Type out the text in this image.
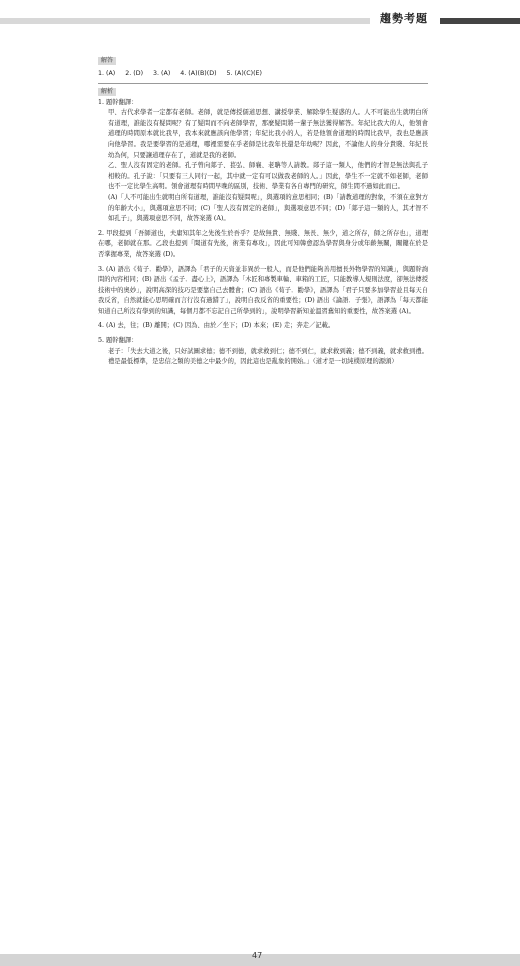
趨勢考題
解答
1. (A) 2. (D) 3. (A) 4. (A)(B)(D) 5. (A)(C)(E)
解析

1. 題幹翻譯：

甲、古代求學者一定都有老師。老師，就是傳授儒道思想、講授學業、解除學生疑惑的人。人不可能出生就明白所有道理，誰能沒有疑問呢？有了疑問而不向老師學習，那麼疑問將一輩子無法獲得解答。年紀比我大的人，他領會道理的時間原本就比我早，我本來就應該向他學習；年紀比我小的人，若是他領會道理的時間比我早，我也是應該向他學習。我是要學習的是道理，哪裡需要在乎老師是比我年長還是年幼呢？因此，不論他人的身分貴賤、年紀長幼為何，只要讓道理存在了，道就是我的老師。

乙、聖人沒有固定的老師。孔子曾向郯子、萇弘、師襄、老聃等人請教。郯子這一類人，他們的才智是無法與孔子相較的。孔子說：「只要有三人同行一起，其中就一定有可以做我老師的人。」因此，學生不一定就不如老師，老師也不一定比學生高明。領會道理有時間早晚的區別，技術、學業有各自專門的研究，師生間不過如此而已。

(A)「人不可能出生就明白所有道理，誰能沒有疑問呢」，與選項的意思相同；(B)「請教道理的對象，不須在意對方的年齡大小」，與選項意思不同；(C)「聖人沒有固定的老師」，與選項意思不同；(D)「郯子這一類的人，其才智不如孔子」，與選項意思不同，故答案選 (A)。

2. 甲段提到「吾師道也，夫庸知其年之先後生於吾乎？是故無貴、無賤、無長、無少，道之所存，師之所存也」，道理在哪，老師就在那。乙段也提到「聞道有先後，術業有專攻」，因此可知韓愈認為學習與身分或年齡無關，關鍵在於是否掌握專業，故答案選 (D)。

3. (A) 語出《荀子．勸學》，語譯為「君子的天資並非異於一般人，而是他們能夠善用擅長外物學習的知識」，與題幹詢問的內容相同；(B) 語出《孟子．盡心上》，語譯為「木匠和專製車輪、車箱的工匠，只能教導人規則法度，卻無法傳授技術中的奧妙」，說明高深的技巧是要靠自己去體會；(C) 語出《荀子．勸學》，語譯為「君子只要多加學習並且每天自我反省，自然就能心思明確而言行沒有過錯了」，說明自我反省的重要性；(D) 語出《論語．子張》，語譯為「每天都能知道自己所沒有學到的知識，每個月都不忘記自己所學到的」，說明學習新知並溫習舊知的重要性，故答案選 (A)。

4. (A) 去，往；(B) 離開；(C) 因為、由於／坐下；(D) 本來；(E) 走；奔走／記載。

5. 題幹翻譯：

老子：「失去大道之後，只好試圖求德；德不到德，就求救到仁；德不到仁，就求救到義；德不到義，就求救到禮。禮是最低標準，是忠信之類的美德之中最少的，因此這也是亂象的開始。」（道才是一切純樸原理的源頭）

47
